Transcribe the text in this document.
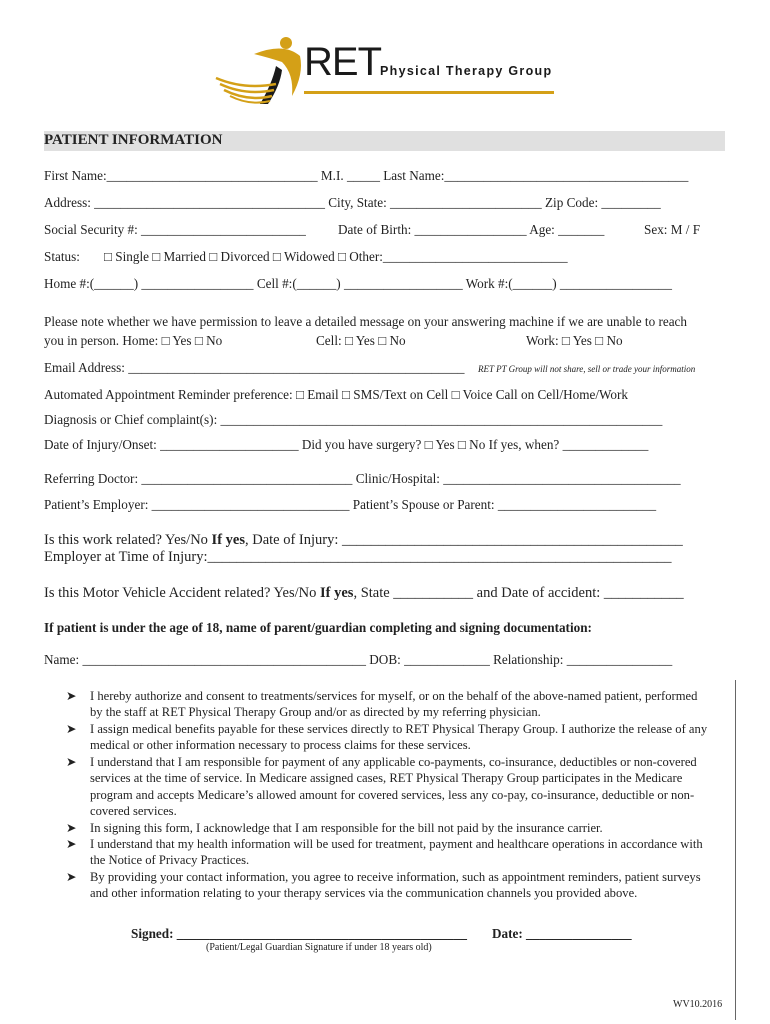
RET Physical Therapy Group
PATIENT INFORMATION
First Name:________________________________ M.I. _____ Last Name:_____________________________________
Address: ___________________________________ City, State: _______________________ Zip Code: _________
Social Security #: _________________________ Date of Birth: _________________ Age: _______	Sex: M / F
Status: □ Single □ Married □ Divorced □ Widowed □ Other:____________________________
Home #:(______) _________________ Cell #:(______) __________________ Work #:(______) _________________
Please note whether we have permission to leave a detailed message on your answering machine if we are unable to reach
you in person. Home: □ Yes □ No	Cell: □ Yes □ No	Work: □ Yes □ No
Email Address: ___________________________________________________ RET PT Group will not share, sell or trade your information
Automated Appointment Reminder preference: □ Email □ SMS/Text on Cell □ Voice Call on Cell/Home/Work
Diagnosis or Chief complaint(s): ___________________________________________________________________
Date of Injury/Onset: _____________________ Did you have surgery? □ Yes □ No If yes, when? _____________
Referring Doctor: ________________________________ Clinic/Hospital: ____________________________________
Patient’s Employer: ______________________________ Patient’s Spouse or Parent: ________________________
Is this work related? Yes/No If yes, Date of Injury: _______________________________________________
Employer at Time of Injury:________________________________________________________________
Is this Motor Vehicle Accident related? Yes/No If yes, State ___________ and Date of accident: ___________
If patient is under the age of 18, name of parent/guardian completing and signing documentation:
Name: ___________________________________________ DOB: _____________ Relationship: ________________
➤ I hereby authorize and consent to treatments/services for myself, or on the behalf of the above-named patient, performed by the staff at RET Physical Therapy Group and/or as directed by my referring physician.
➤ I assign medical benefits payable for these services directly to RET Physical Therapy Group. I authorize the release of any medical or other information necessary to process claims for these services.
➤ I understand that I am responsible for payment of any applicable co-payments, co-insurance, deductibles or non-covered services at the time of service. In Medicare assigned cases, RET Physical Therapy Group participates in the Medicare program and accepts Medicare’s allowed amount for covered services, less any co-pay, co-insurance, deductible or non-covered services.
➤ In signing this form, I acknowledge that I am responsible for the bill not paid by the insurance carrier.
➤ I understand that my health information will be used for treatment, payment and healthcare operations in accordance with the Notice of Privacy Practices.
➤ By providing your contact information, you agree to receive information, such as appointment reminders, patient surveys and other information relating to your therapy services via the communication channels you provided above.
Signed: ____________________________________________ Date: ________________
(Patient/Legal Guardian Signature if under 18 years old)
WV10.2016
